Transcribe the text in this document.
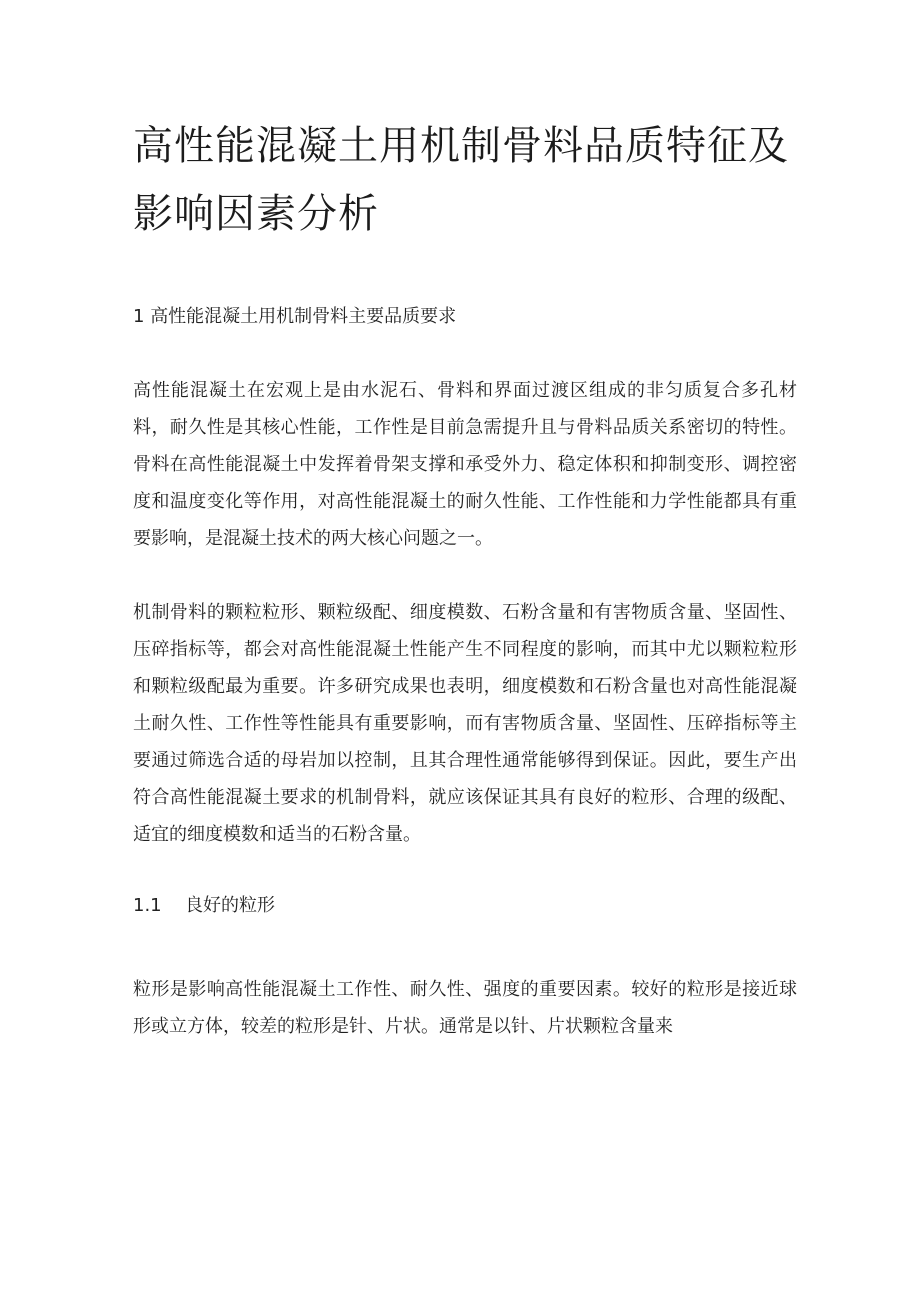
高性能混凝土用机制骨料品质特征及影响因素分析
1 高性能混凝土用机制骨料主要品质要求

高性能混凝土在宏观上是由水泥石、骨料和界面过渡区组成的非匀质复合多孔材料，耐久性是其核心性能，工作性是目前急需提升且与骨料品质关系密切的特性。骨料在高性能混凝土中发挥着骨架支撑和承受外力、稳定体积和抑制变形、调控密度和温度变化等作用，对高性能混凝土的耐久性能、工作性能和力学性能都具有重要影响，是混凝土技术的两大核心问题之一。

机制骨料的颗粒粒形、颗粒级配、细度模数、石粉含量和有害物质含量、坚固性、压碎指标等，都会对高性能混凝土性能产生不同程度的影响，而其中尤以颗粒粒形和颗粒级配最为重要。许多研究成果也表明，细度模数和石粉含量也对高性能混凝土耐久性、工作性等性能具有重要影响，而有害物质含量、坚固性、压碎指标等主要通过筛选合适的母岩加以控制，且其合理性通常能够得到保证。因此，要生产出符合高性能混凝土要求的机制骨料，就应该保证其具有良好的粒形、合理的级配、适宜的细度模数和适当的石粉含量。

1.1 良好的粒形

粒形是影响高性能混凝土工作性、耐久性、强度的重要因素。较好的粒形是接近球形或立方体，较差的粒形是针、片状。通常是以针、片状颗粒含量来
